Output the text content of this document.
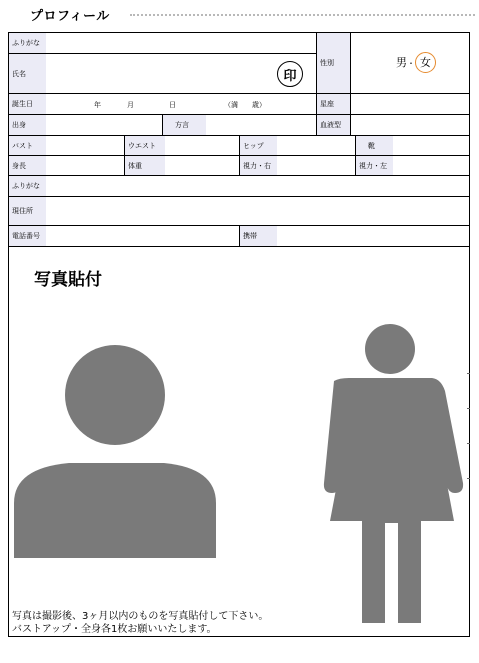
プロフィール
ふりがな
氏名	印
性別	男・ 女
誕生日	年	月	日	（満　　歳）	星座
出身	方言	血液型
バスト	ウエスト	ヒップ	靴
身長	体重	視力・右	視力・左
ふりがな
現住所
電話番号	携帯
写真貼付
写真は撮影後、3ヶ月以内のものを写真貼付して下さい。
バストアップ・全身各1枚お願いいたします。
